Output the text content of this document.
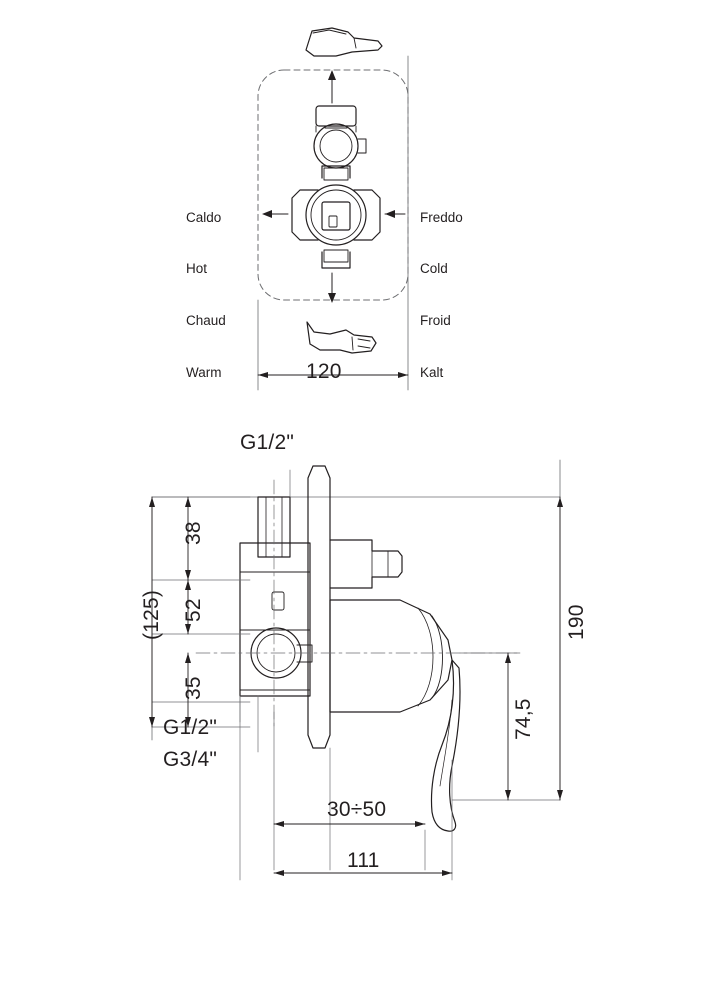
Caldo

Hot

Chaud

Warm

Freddo

Cold

Froid

Kalt

120
G1/2"
38
52
35
(125)	190
74,5
G1/2"
G3/4"
30÷50
111
